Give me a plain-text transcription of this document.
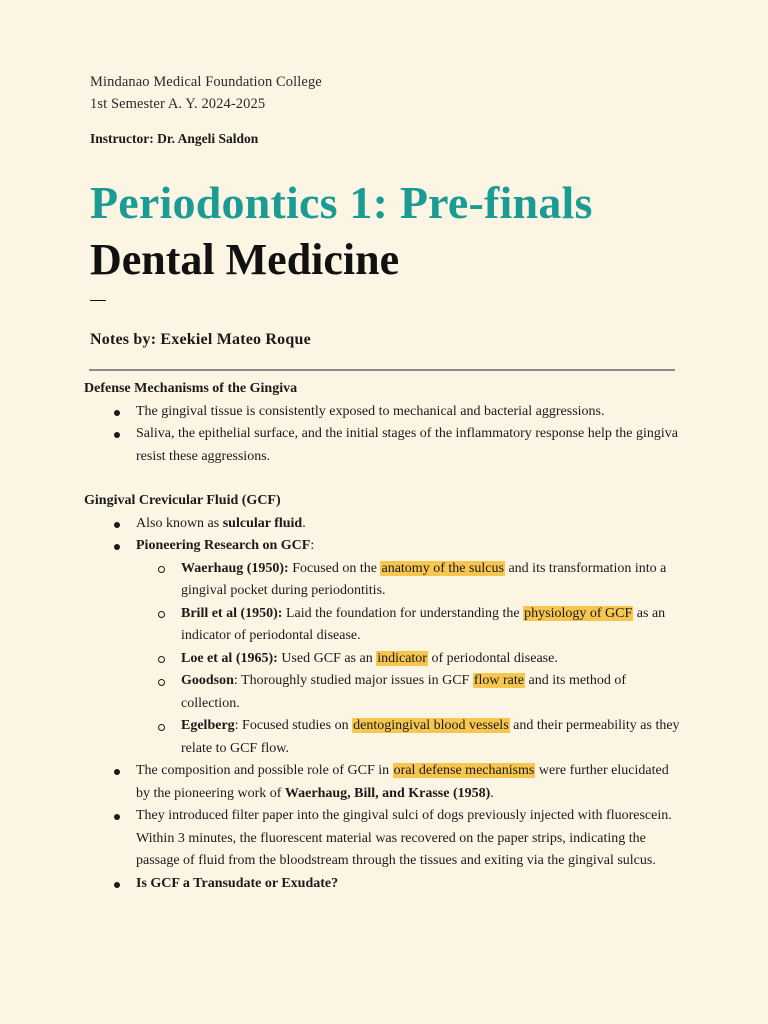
Mindanao Medical Foundation College
1st Semester A. Y. 2024-2025
Instructor: Dr. Angeli Saldon
Periodontics 1: Pre-finals
Dental Medicine
Notes by: Exekiel Mateo Roque

Defense Mechanisms of the Gingiva

The gingival tissue is consistently exposed to mechanical and bacterial aggressions.
Saliva, the epithelial surface, and the initial stages of the inflammatory response help the gingiva resist these aggressions.

Gingival Crevicular Fluid (GCF)

Also known as sulcular fluid.
Pioneering Research on GCF:
Waerhaug (1950): Focused on the anatomy of the sulcus and its transformation into a gingival pocket during periodontitis.
Brill et al (1950): Laid the foundation for understanding the physiology of GCF as an indicator of periodontal disease.
Loe et al (1965): Used GCF as an indicator of periodontal disease.
Goodson: Thoroughly studied major issues in GCF flow rate and its method of collection.
Egelberg: Focused studies on dentogingival blood vessels and their permeability as they relate to GCF flow.
The composition and possible role of GCF in oral defense mechanisms were further elucidated by the pioneering work of Waerhaug, Bill, and Krasse (1958).
They introduced filter paper into the gingival sulci of dogs previously injected with fluorescein. Within 3 minutes, the fluorescent material was recovered on the paper strips, indicating the passage of fluid from the bloodstream through the tissues and exiting via the gingival sulcus.
Is GCF a Transudate or Exudate?
